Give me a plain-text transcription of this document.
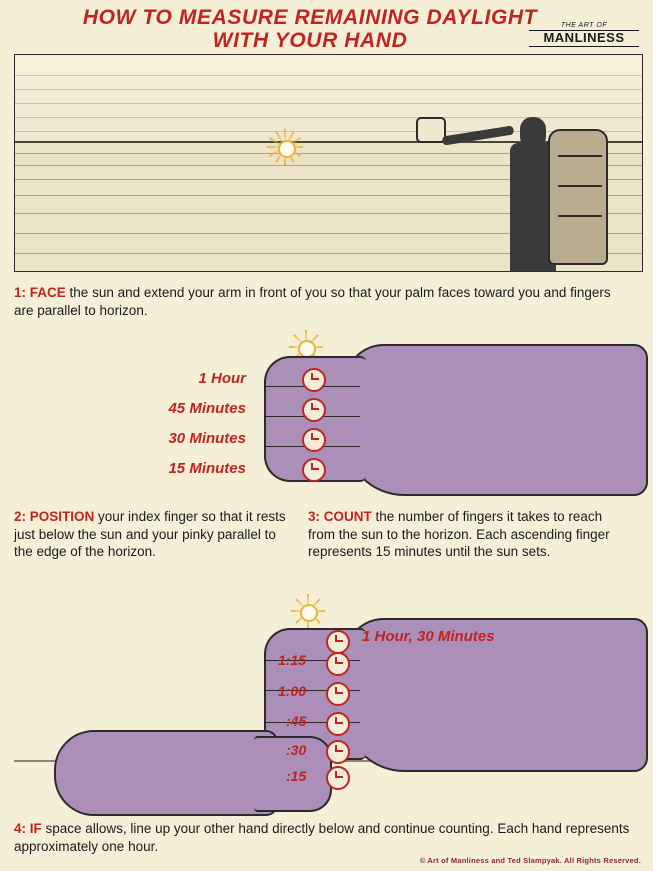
HOW TO MEASURE REMAINING DAYLIGHT
WITH YOUR HAND
THE ART OF
MANLINESS
1: FACE the sun and extend your arm in front of you so that your palm faces toward you and fingers are parallel to horizon.
1 Hour
45 Minutes
30 Minutes
15 Minutes
2: POSITION your index finger so that it rests just below the sun and your pinky parallel to the edge of the horizon.
3: COUNT the number of fingers it takes to reach from the sun to the horizon. Each ascending finger represents 15 minutes until the sun sets.
1 Hour, 30 Minutes
1:15
1:00
:45
:30
:15
4: IF space allows, line up your other hand directly below and continue counting. Each hand represents approximately one hour.
© Art of Manliness and Ted Slampyak. All Rights Reserved.
